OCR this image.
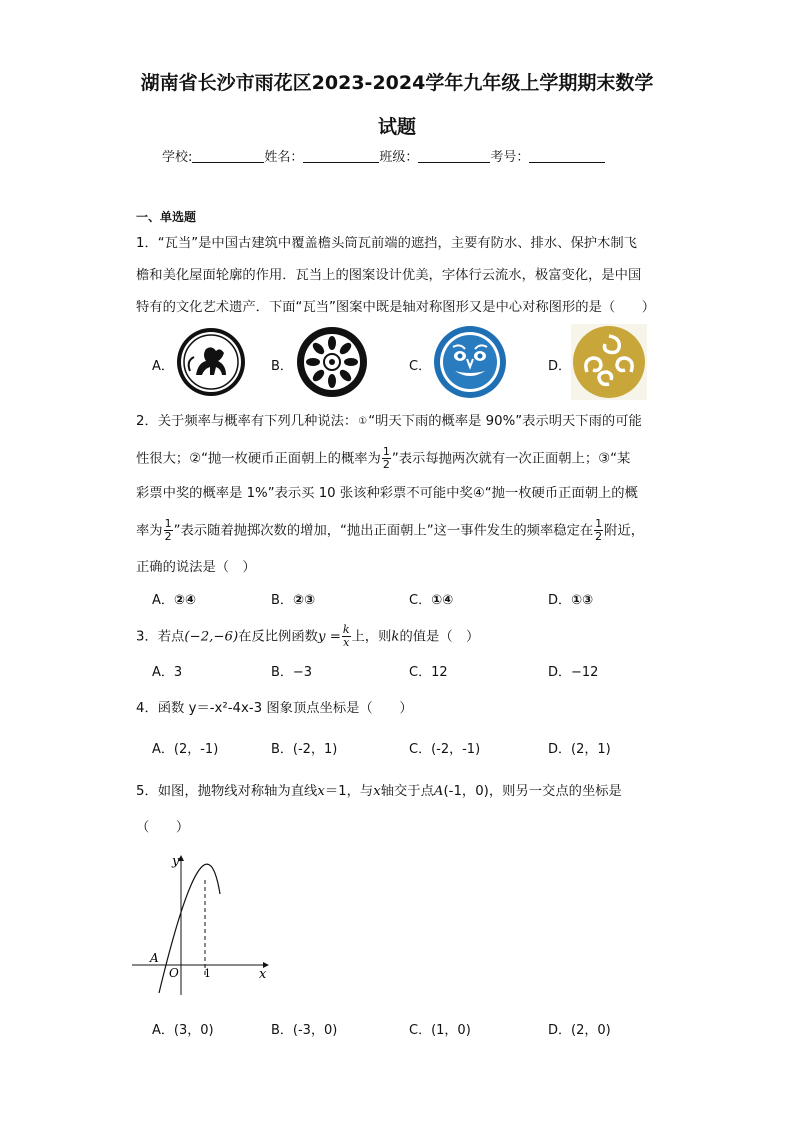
湖南省长沙市雨花区2023-2024学年九年级上学期期末数学
试题
学校:	姓名：	班级：	考号：
一、单选题
1．“瓦当”是中国古建筑中覆盖檐头筒瓦前端的遮挡，主要有防水、排水、保护木制飞
檐和美化屋面轮廓的作用．瓦当上的图案设计优美，字体行云流水，极富变化，是中国
特有的文化艺术遗产．下面“瓦当”图案中既是轴对称图形又是中心对称图形的是（　　）
A．	B．	C．	D．
2．关于频率与概率有下列几种说法：①“明天下雨的概率是 90%”表示明天下雨的可能
性很大；②“抛一枚硬币正面朝上的概率为 $\frac{1}{2}$ ”表示每抛两次就有一次正面朝上；③“某
彩票中奖的概率是 1%”表示买 10 张该种彩票不可能中奖④“抛一枚硬币正面朝上的概
率为 $\frac{1}{2}$ ”表示随着抛掷次数的增加，“抛出正面朝上”这一事件发生的频率稳定在 $\frac{1}{2}$ 附近，
正确的说法是（　）
A．②④	B．②③	C．①④	D．①③
3．若点(−2,−6)在反比例函数$y = \frac{k}{x}$ 上，则k的值是（　）
A．3	B．−3	C．12	D．−12
4．函数 y＝-x²-4x-3 图象顶点坐标是（　　）
A．(2，-1)	B．(-2，1)	C．(-2，-1)	D．(2，1)
5．如图，抛物线对称轴为直线x＝1，与x轴交于点A(-1，0)，则另一交点的坐标是
（　　）
y
x
O
A
1
A．(3，0)	B．(-3，0)	C．(1，0)	D．(2，0)
